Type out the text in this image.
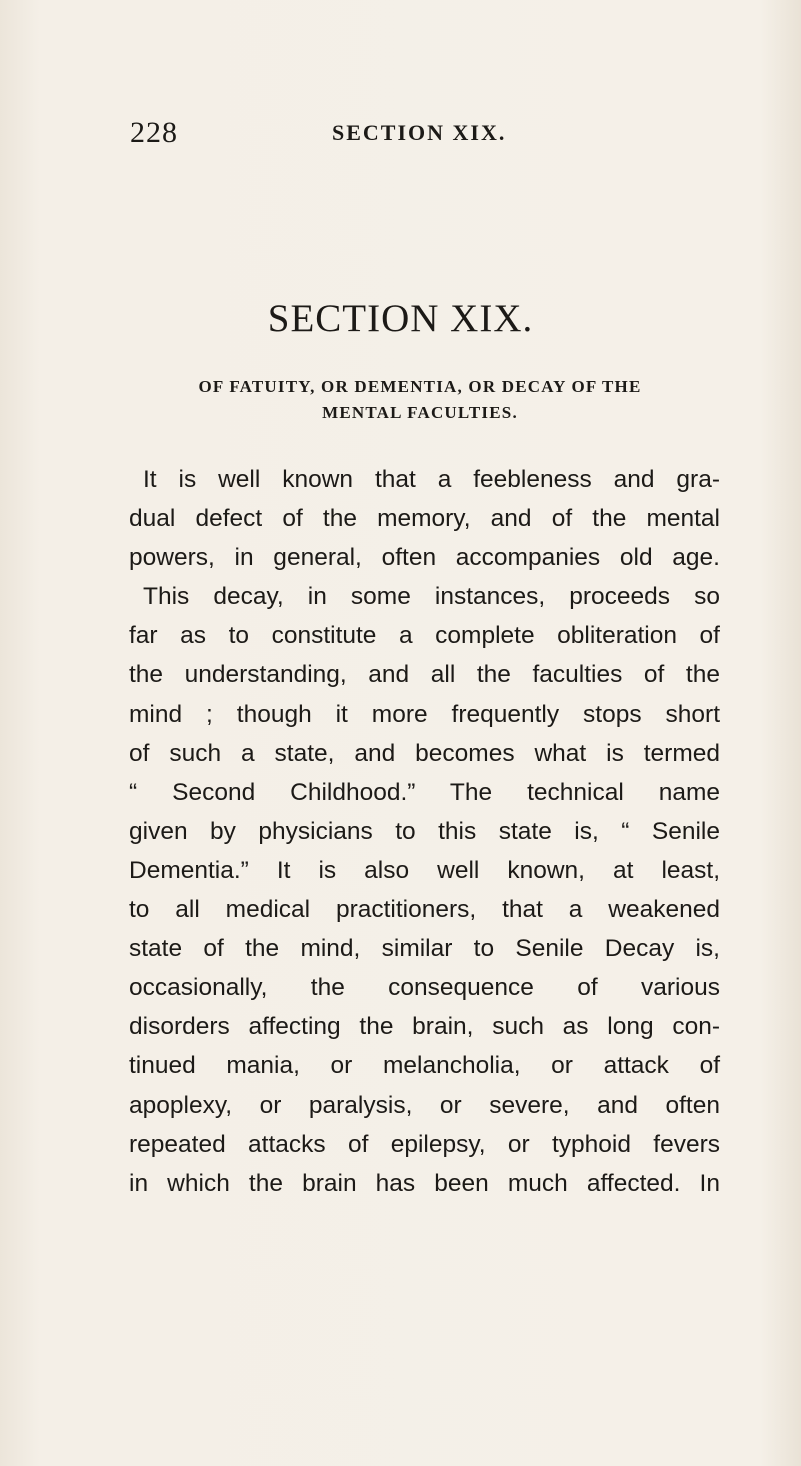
228	SECTION XIX.
SECTION XIX.
OF FATUITY, OR DEMENTIA, OR DECAY OF THE
MENTAL FACULTIES.
It is well known that a feebleness and gra-
dual defect of the memory, and of the mental
powers, in general, often accompanies old age.
This decay, in some instances, proceeds so
far as to constitute a complete obliteration of
the understanding, and all the faculties of the
mind ; though it more frequently stops short
of such a state, and becomes what is termed
“ Second Childhood.” The technical name
given by physicians to this state is, “ Senile
Dementia.” It is also well known, at least,
to all medical practitioners, that a weakened
state of the mind, similar to Senile Decay is,
occasionally, the consequence of various
disorders affecting the brain, such as long con-
tinued mania, or melancholia, or attack of
apoplexy, or paralysis, or severe, and often
repeated attacks of epilepsy, or typhoid fevers
in which the brain has been much affected. In
